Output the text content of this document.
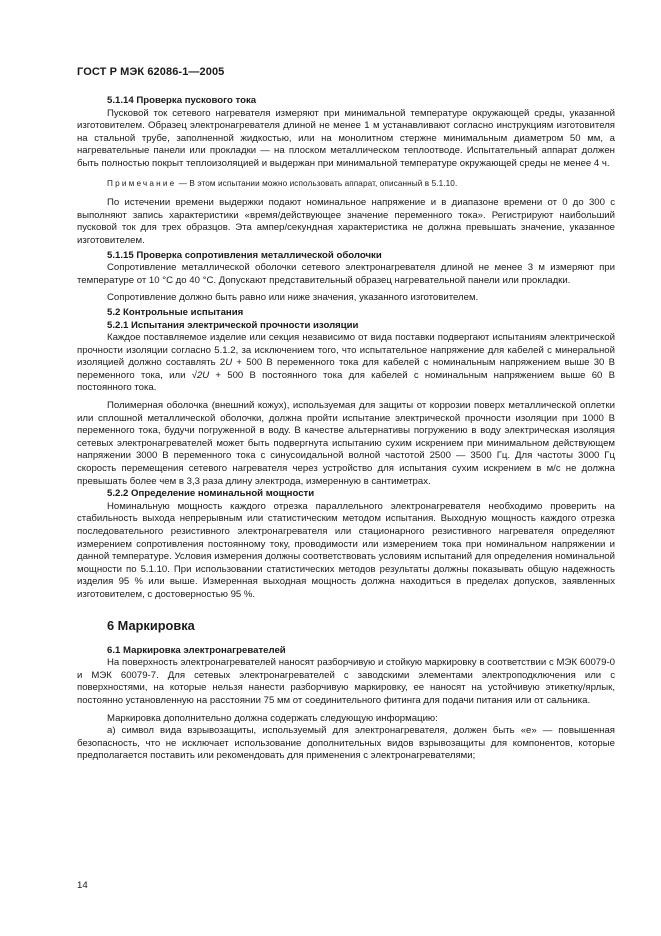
ГОСТ Р МЭК 62086-1—2005
5.1.14 Проверка пускового тока

Пусковой ток сетевого нагревателя измеряют при минимальной температуре окружающей среды, указанной изготовителем. Образец электронагревателя длиной не менее 1 м устанавливают согласно инструкциям изготовителя на стальной трубе, заполненной жидкостью, или на монолитном стержне минимальным диаметром 50 мм, а нагревательные панели или прокладки — на плоском металлическом теплоотводе. Испытательный аппарат должен быть полностью покрыт теплоизоляцией и выдержан при минимальной температуре окружающей среды не менее 4 ч.

Примечание — В этом испытании можно использовать аппарат, описанный в 5.1.10.

По истечении времени выдержки подают номинальное напряжение и в диапазоне времени от 0 до 300 с выполняют запись характеристики «время/действующее значение переменного тока». Регистрируют наибольший пусковой ток для трех образцов. Эта ампер/секундная характеристика не должна превышать значение, указанное изготовителем.

5.1.15 Проверка сопротивления металлической оболочки

Сопротивление металлической оболочки сетевого электронагревателя длиной не менее 3 м измеряют при температуре от 10 °С до 40 °С. Допускают представительный образец нагревательной панели или прокладки.

Сопротивление должно быть равно или ниже значения, указанного изготовителем.

5.2 Контрольные испытания
5.2.1 Испытания электрической прочности изоляции

Каждое поставляемое изделие или секция независимо от вида поставки подвергают испытаниям электрической прочности изоляции согласно 5.1.2, за исключением того, что испытательное напряжение для кабелей с минеральной изоляцией должно составлять 2U + 500 В переменного тока для кабелей с номинальным напряжением выше 30 В переменного тока, или √2U + 500 В постоянного тока для кабелей с номинальным напряжением выше 60 В постоянного тока.

Полимерная оболочка (внешний кожух), используемая для защиты от коррозии поверх металлической оплетки или сплошной металлической оболочки, должна пройти испытание электрической прочности изоляции при 1000 В переменного тока, будучи погруженной в воду. В качестве альтернативы погружению в воду электрическая изоляция сетевых электронагревателей может быть подвергнута испытанию сухим искрением при минимальном действующем напряжении 3000 В переменного тока с синусоидальной волной частотой 2500 — 3500 Гц. Для частоты 3000 Гц скорость перемещения сетевого нагревателя через устройство для испытания сухим искрением в м/с не должна превышать более чем в 3,3 раза длину электрода, измеренную в сантиметрах.

5.2.2 Определение номинальной мощности

Номинальную мощность каждого отрезка параллельного электронагревателя необходимо проверить на стабильность выхода непрерывным или статистическим методом испытания. Выходную мощность каждого отрезка последовательного резистивного электронагревателя или стационарного резистивного нагревателя определяют измерением сопротивления постоянному току, проводимости или измерением тока при номинальном напряжении и данной температуре. Условия измерения должны соответствовать условиям испытаний для определения номинальной мощности по 5.1.10. При использовании статистических методов результаты должны показывать общую надежность изделия 95 % или выше. Измеренная выходная мощность должна находиться в пределах допусков, заявленных изготовителем, с достоверностью 95 %.

6 Маркировка
6.1 Маркировка электронагревателей

На поверхность электронагревателей наносят разборчивую и стойкую маркировку в соответствии с МЭК 60079-0 и МЭК 60079-7. Для сетевых электронагревателей с заводскими элементами электроподключения или с поверхностями, на которые нельзя нанести разборчивую маркировку, ее наносят на устойчивую этикетку/ярлык, постоянно установленную на расстоянии 75 мм от соединительного фитинга для подачи питания или от сальника.

Маркировка дополнительно должна содержать следующую информацию:

а) символ вида взрывозащиты, используемый для электронагревателя, должен быть «е» — повышенная безопасность, что не исключает использование дополнительных видов взрывозащиты для компонентов, которые предполагается поставить или рекомендовать для применения с электронагревателями;

14
